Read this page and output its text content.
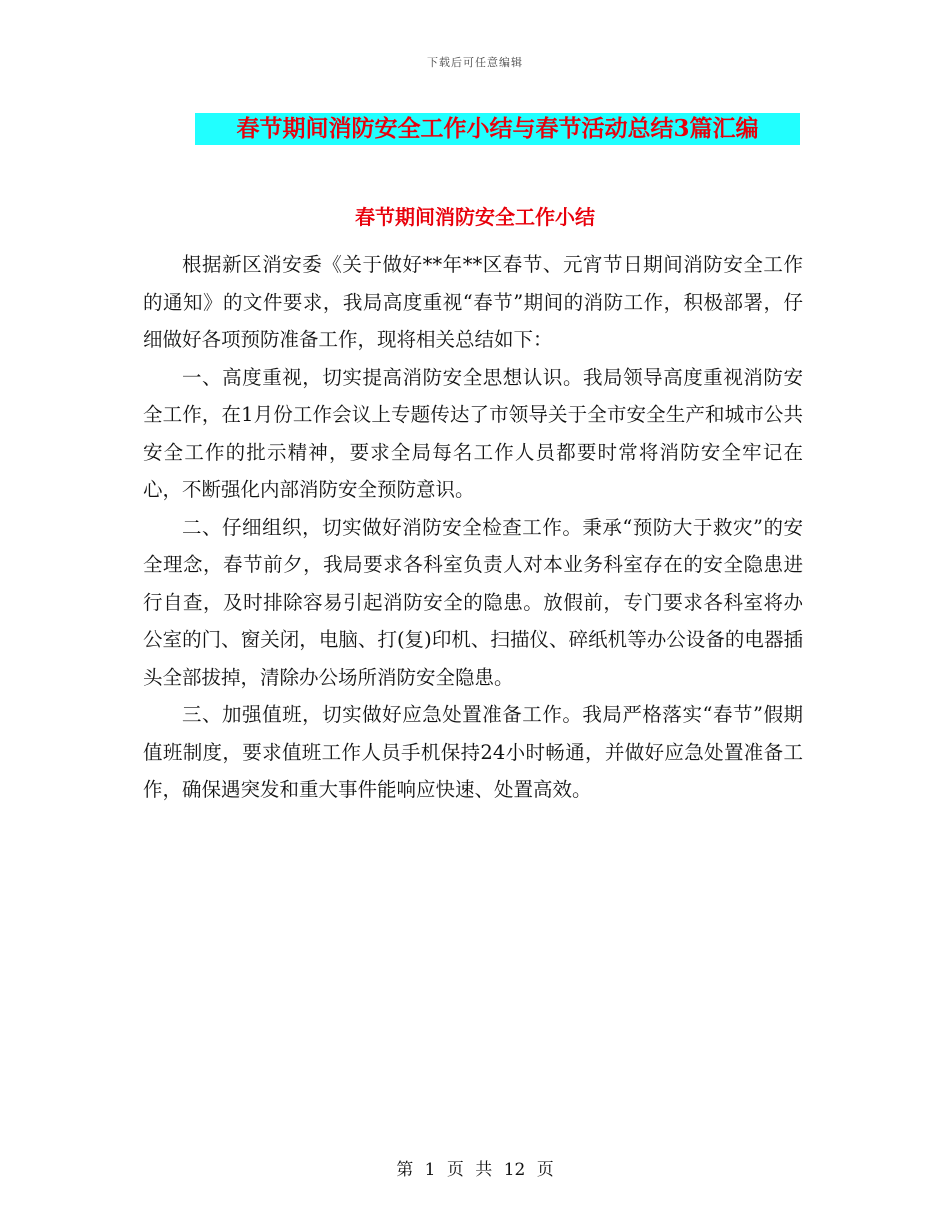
下载后可任意编辑
春节期间消防安全工作小结与春节活动总结3篇汇编
春节期间消防安全工作小结

根据新区消安委《关于做好**年**区春节、元宵节日期间消防安全工作的通知》的文件要求，我局高度重视“春节”期间的消防工作，积极部署，仔细做好各项预防准备工作，现将相关总结如下：

一、高度重视，切实提高消防安全思想认识。我局领导高度重视消防安全工作，在1月份工作会议上专题传达了市领导关于全市安全生产和城市公共安全工作的批示精神，要求全局每名工作人员都要时常将消防安全牢记在心，不断强化内部消防安全预防意识。

二、仔细组织，切实做好消防安全检查工作。秉承“预防大于救灾”的安全理念，春节前夕，我局要求各科室负责人对本业务科室存在的安全隐患进行自查，及时排除容易引起消防安全的隐患。放假前，专门要求各科室将办公室的门、窗关闭，电脑、打(复)印机、扫描仪、碎纸机等办公设备的电器插头全部拔掉，清除办公场所消防安全隐患。

三、加强值班，切实做好应急处置准备工作。我局严格落实“春节”假期值班制度，要求值班工作人员手机保持24小时畅通，并做好应急处置准备工作，确保遇突发和重大事件能响应快速、处置高效。

第 1 页 共 12 页
